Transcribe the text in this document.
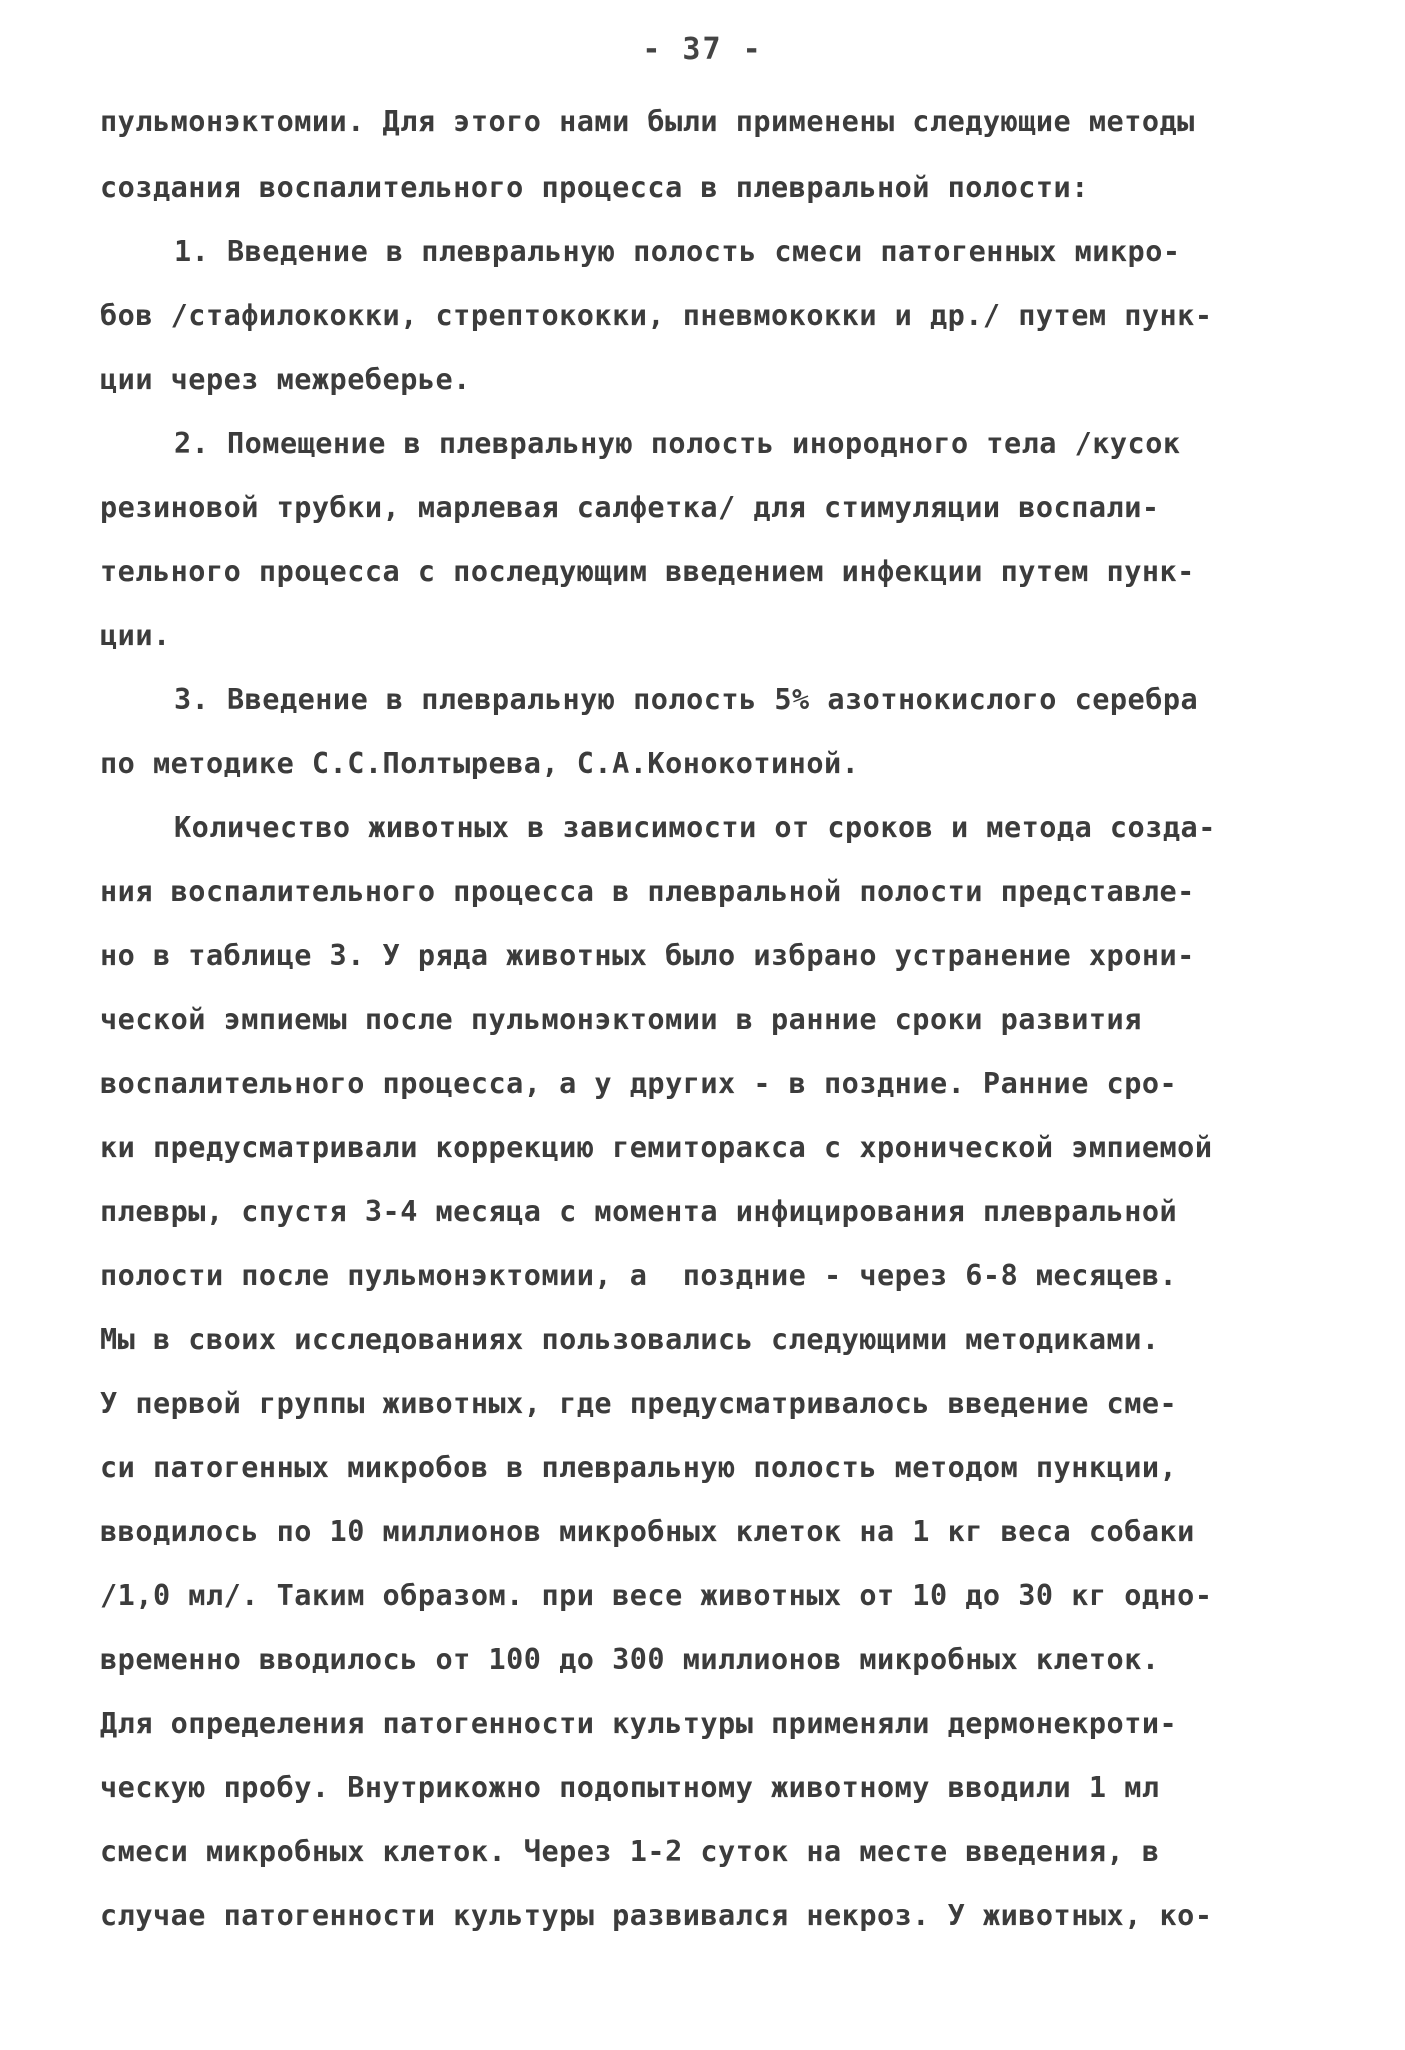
- 37 -
пульмонэктомии. Для этого нами были применены следующие методы
создания воспалительного процесса в плевральной полости:
1. Введение в плевральную полость смеси патогенных микро-
бов /стафилококки, стрептококки, пневмококки и др./ путем пунк-
ции через межреберье.
2. Помещение в плевральную полость инородного тела /кусок
резиновой трубки, марлевая салфетка/ для стимуляции воспали-
тельного процесса с последующим введением инфекции путем пунк-
ции.
3. Введение в плевральную полость 5% азотнокислого серебра
по методике С.С.Полтырева, С.А.Конокотиной.
Количество животных в зависимости от сроков и метода созда-
ния воспалительного процесса в плевральной полости представле-
но в таблице 3. У ряда животных было избрано устранение хрони-
ческой эмпиемы после пульмонэктомии в ранние сроки развития
воспалительного процесса, а у других - в поздние. Ранние сро-
ки предусматривали коррекцию гемиторакса с хронической эмпиемой
плевры, спустя 3-4 месяца с момента инфицирования плевральной
полости после пульмонэктомии, а  поздние - через 6-8 месяцев.
Мы в своих исследованиях пользовались следующими методиками.
У первой группы животных, где предусматривалось введение сме-
си патогенных микробов в плевральную полость методом пункции,
вводилось по 10 миллионов микробных клеток на 1 кг веса собаки
/1,0 мл/. Таким образом. при весе животных от 10 до 30 кг одно-
временно вводилось от 100 до 300 миллионов микробных клеток.
Для определения патогенности культуры применяли дермонекроти-
ческую пробу. Внутрикожно подопытному животному вводили 1 мл
смеси микробных клеток. Через 1-2 суток на месте введения, в
случае патогенности культуры развивался некроз. У животных, ко-
